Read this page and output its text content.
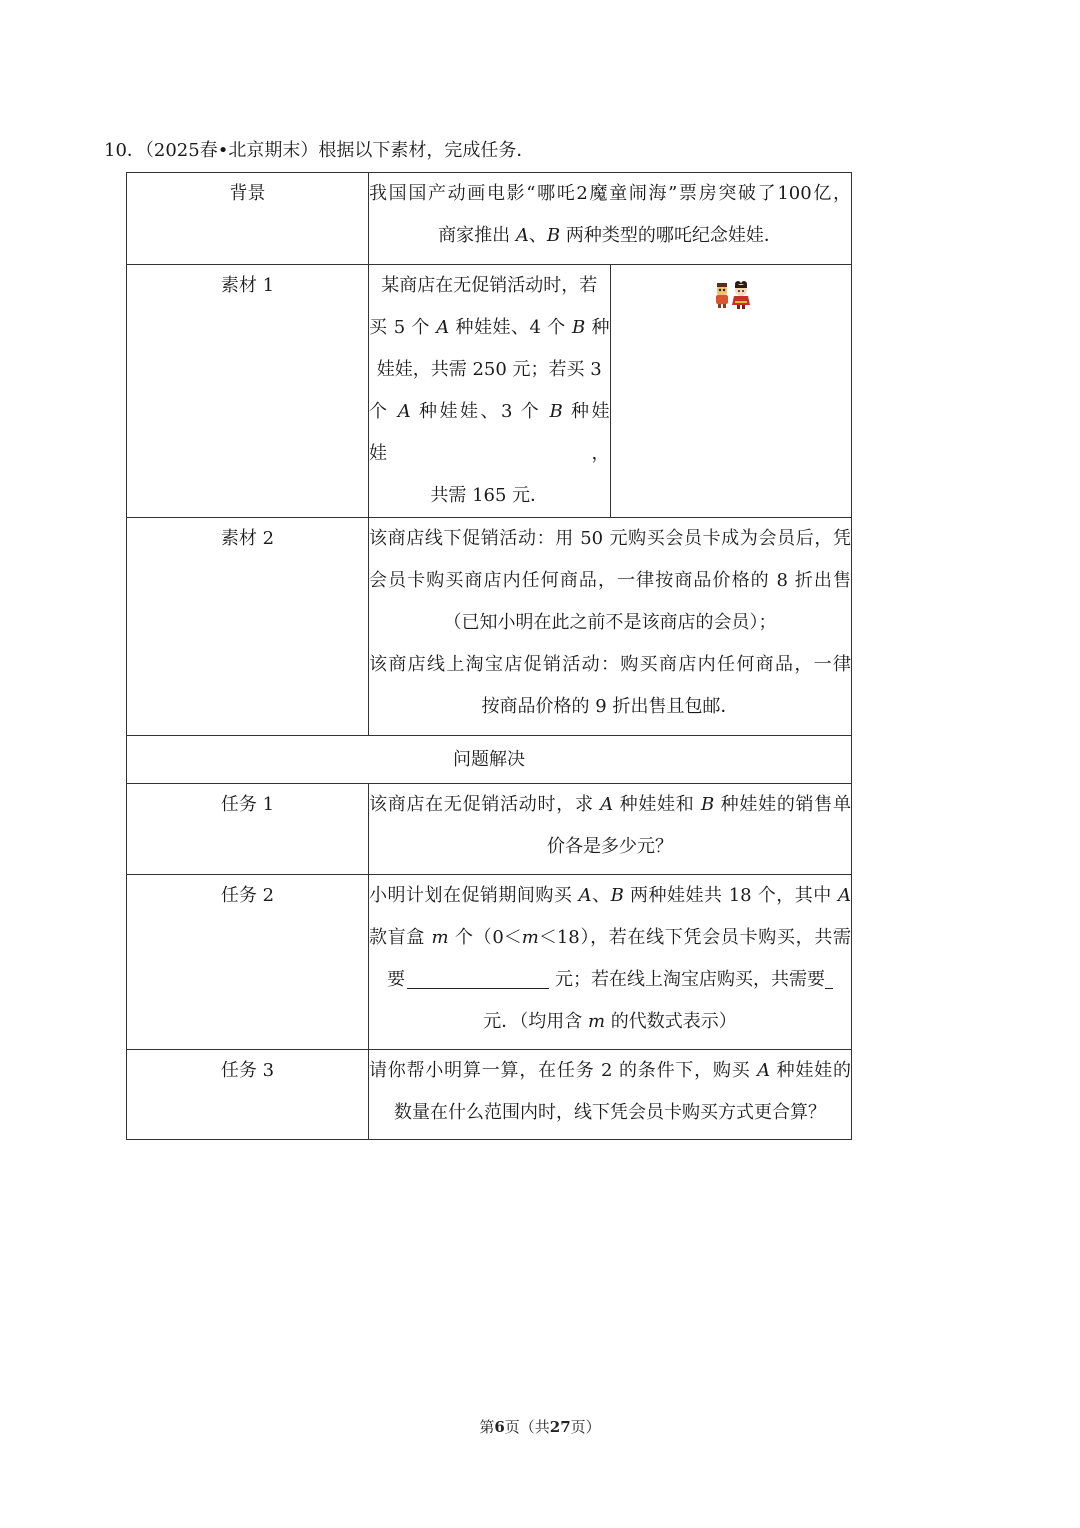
10．（2025春•北京期末）根据以下素材，完成任务．
背景	我国国产动画电影“哪吒2魔童闹海”票房突破了100亿，
商家推出 A、B 两种类型的哪吒纪念娃娃．	

素材 1	某商店在无促销活动时，若
买 5 个 A 种娃娃、4 个 B 种
娃娃，共需 250 元；若买 3
个 A 种娃娃、3 个 B 种娃娃，
共需 165 元．

素材 2	该商店线下促销活动：用 50 元购买会员卡成为会员后，凭
会员卡购买商店内任何商品，一律按商品价格的 8 折出售
（已知小明在此之前不是该商店的会员）；
该商店线上淘宝店促销活动：购买商店内任何商品，一律
按商品价格的 9 折出售且包邮．	

问题解决		
任务 1	该商店在无促销活动时，求 A 种娃娃和 B 种娃娃的销售单
价各是多少元？	

任务 2	小明计划在促销期间购买 A、B 两种娃娃共 18 个，其中 A
款盲盒 m 个（0＜m＜18），若在线下凭会员卡购买，共需
要 元；若在线上淘宝店购买，共需要
元．（均用含 m 的代数式表示）	

任务 3	请你帮小明算一算，在任务 2 的条件下，购买 A 种娃娃的
数量在什么范围内时，线下凭会员卡购买方式更合算？	
第6页（共27页）
